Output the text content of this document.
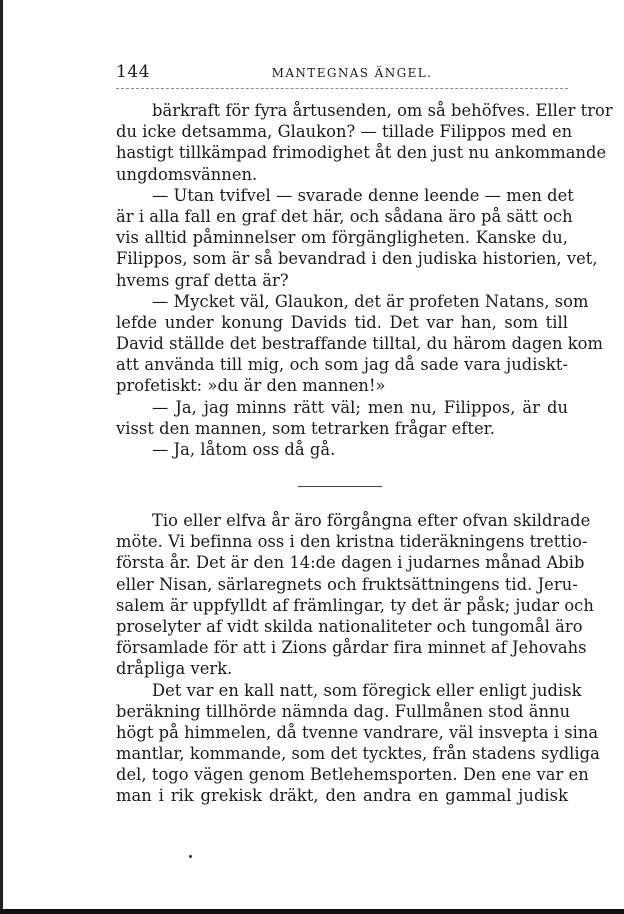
144	MANTEGNAS ÄNGEL.
bärkraft för fyra årtusenden, om så behöfves. Eller tror
du icke detsamma, Glaukon? — tillade Filippos med en
hastigt tillkämpad frimodighet åt den just nu ankommande
ungdomsvännen.
— Utan tvifvel — svarade denne leende — men det
är i alla fall en graf det här, och sådana äro på sätt och
vis alltid påminnelser om förgängligheten. Kanske du,
Filippos, som är så bevandrad i den judiska historien, vet,
hvems graf detta är?
— Mycket väl, Glaukon, det är profeten Natans, som
lefde under konung Davids tid. Det var han, som till
David ställde det bestraffande tilltal, du härom dagen kom
att använda till mig, och som jag då sade vara judiskt-
profetiskt: »du är den mannen!»
— Ja, jag minns rätt väl; men nu, Filippos, är du
visst den mannen, som tetrarken frågar efter.
— Ja, låtom oss då gå.
Tio eller elfva år äro förgångna efter ofvan skildrade
möte. Vi befinna oss i den kristna tideräkningens trettio-
första år. Det är den 14:de dagen i judarnes månad Abib
eller Nisan, särlaregnets och fruktsättningens tid. Jeru-
salem är uppfylldt af främlingar, ty det är påsk; judar och
proselyter af vidt skilda nationaliteter och tungomål äro
församlade för att i Zions gårdar fira minnet af Jehovahs
dråpliga verk.
Det var en kall natt, som föregick eller enligt judisk
beräkning tillhörde nämnda dag. Fullmånen stod ännu
högt på himmelen, då tvenne vandrare, väl insvepta i sina
mantlar, kommande, som det tycktes, från stadens sydliga
del, togo vägen genom Betlehemsporten. Den ene var en
man i rik grekisk dräkt, den andra en gammal judisk
